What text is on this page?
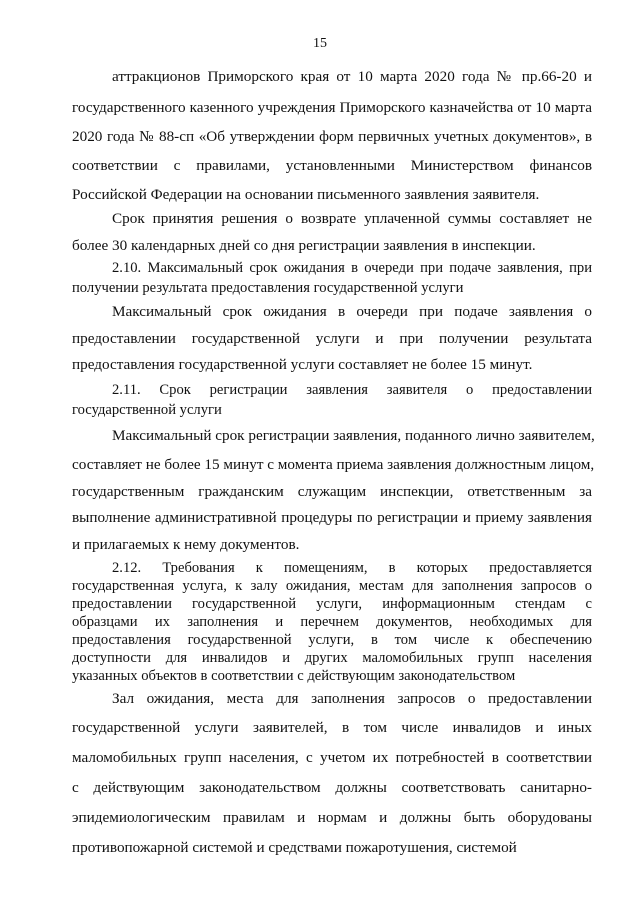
15
аттракционов Приморского края от 10 марта 2020 года № пр.66-20 и
государственного казенного учреждения Приморского казначейства от 10 марта
2020 года № 88-сп «Об утверждении форм первичных учетных документов», в
соответствии с правилами, установленными Министерством финансов
Российской Федерации на основании письменного заявления заявителя.
Срок принятия решения о возврате уплаченной суммы составляет не
более 30 календарных дней со дня регистрации заявления в инспекции.
2.10. Максимальный срок ожидания в очереди при подаче заявления, при
получении результата предоставления государственной услуги
Максимальный срок ожидания в очереди при подаче заявления о
предоставлении государственной услуги и при получении результата
предоставления государственной услуги составляет не более 15 минут.
2.11. Срок регистрации заявления заявителя о предоставлении
государственной услуги
Максимальный срок регистрации заявления, поданного лично заявителем,
составляет не более 15 минут с момента приема заявления должностным лицом,
государственным гражданским служащим инспекции, ответственным за
выполнение административной процедуры по регистрации и приему заявления
и прилагаемых к нему документов.
2.12. Требования к помещениям, в которых предоставляется
государственная услуга, к залу ожидания, местам для заполнения запросов о
предоставлении государственной услуги, информационным стендам с
образцами их заполнения и перечнем документов, необходимых для
предоставления государственной услуги, в том числе к обеспечению
доступности для инвалидов и других маломобильных групп населения
указанных объектов в соответствии с действующим законодательством
Зал ожидания, места для заполнения запросов о предоставлении
государственной услуги заявителей, в том числе инвалидов и иных
маломобильных групп населения, с учетом их потребностей в соответствии
с действующим законодательством должны соответствовать санитарно-
эпидемиологическим правилам и нормам и должны быть оборудованы
противопожарной системой и средствами пожаротушения, системой
